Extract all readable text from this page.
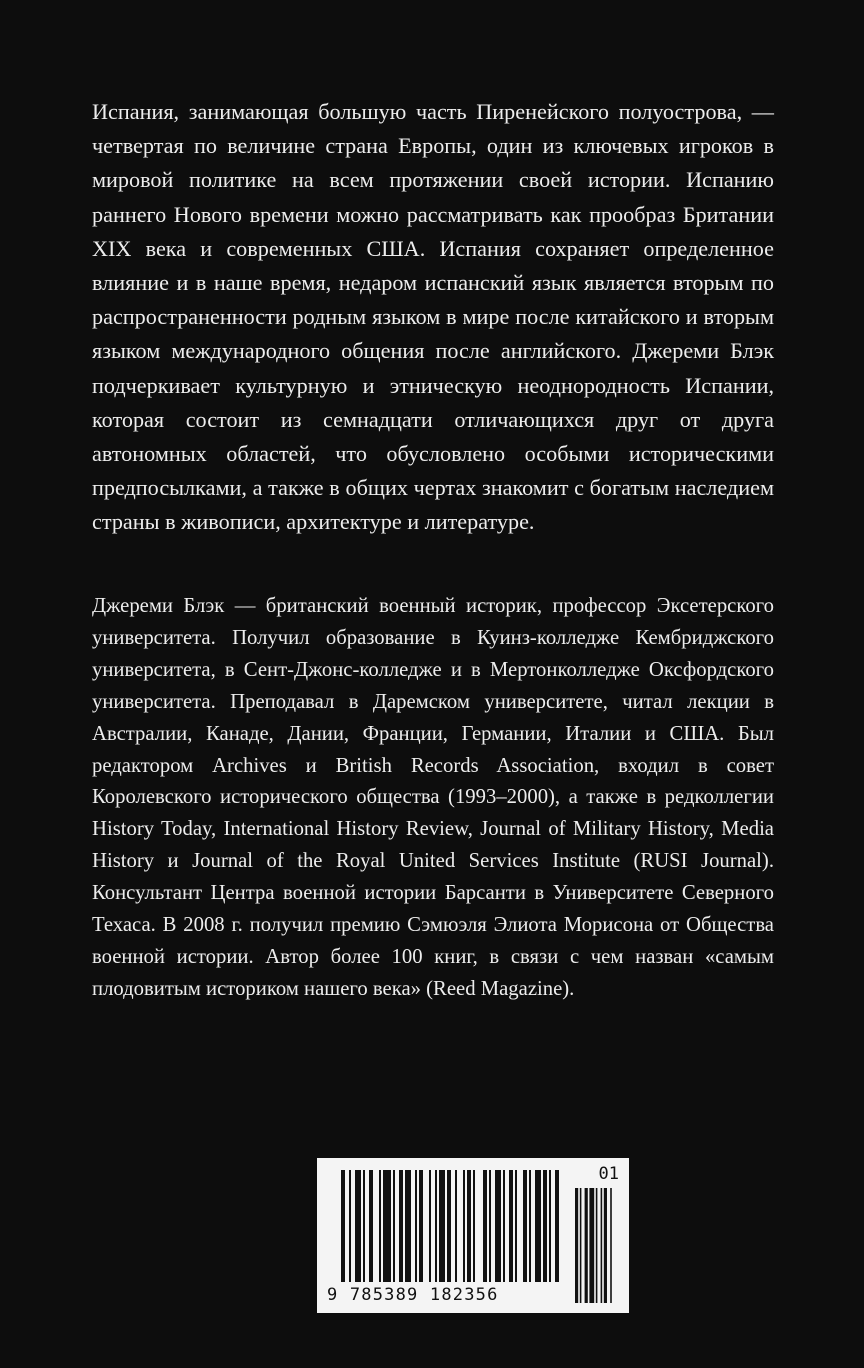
Испания, занимающая большую часть Пиренейского полуострова, — четвертая по величине страна Европы, один из ключевых игроков в мировой политике на всем протяжении своей истории. Испанию раннего Нового времени можно рассматривать как прообраз Британии XIX века и современных США. Испания сохраняет определенное влияние и в наше время, недаром испанский язык является вторым по распространенности родным языком в мире после китайского и вторым языком международного общения после английского. Джереми Блэк подчеркивает культурную и этническую неоднородность Испании, которая состоит из семнадцати отличающихся друг от друга автономных областей, что обусловлено особыми историческими предпосылками, а также в общих чертах знакомит с богатым наследием страны в живописи, архитектуре и литературе.

Джереми Блэк — британский военный историк, профессор Эксетерского университета. Получил образование в Куинз-колледже Кембриджского университета, в Сент-Джонс-колледже и в Мертонколледже Оксфордского университета. Преподавал в Даремском университете, читал лекции в Австралии, Канаде, Дании, Франции, Германии, Италии и США. Был редактором Archives и British Records Association, входил в совет Королевского исторического общества (1993–2000), а также в редколлегии History Today, International History Review, Journal of Military History, Media History и Journal of the Royal United Services Institute (RUSI Journal). Консультант Центра военной истории Барсанти в Университете Северного Техаса. В 2008 г. получил премию Сэмюэля Элиота Морисона от Общества военной истории. Автор более 100 книг, в связи с чем назван «самым плодовитым историком нашего века» (Reed Magazine).

9 785389 182356
01
